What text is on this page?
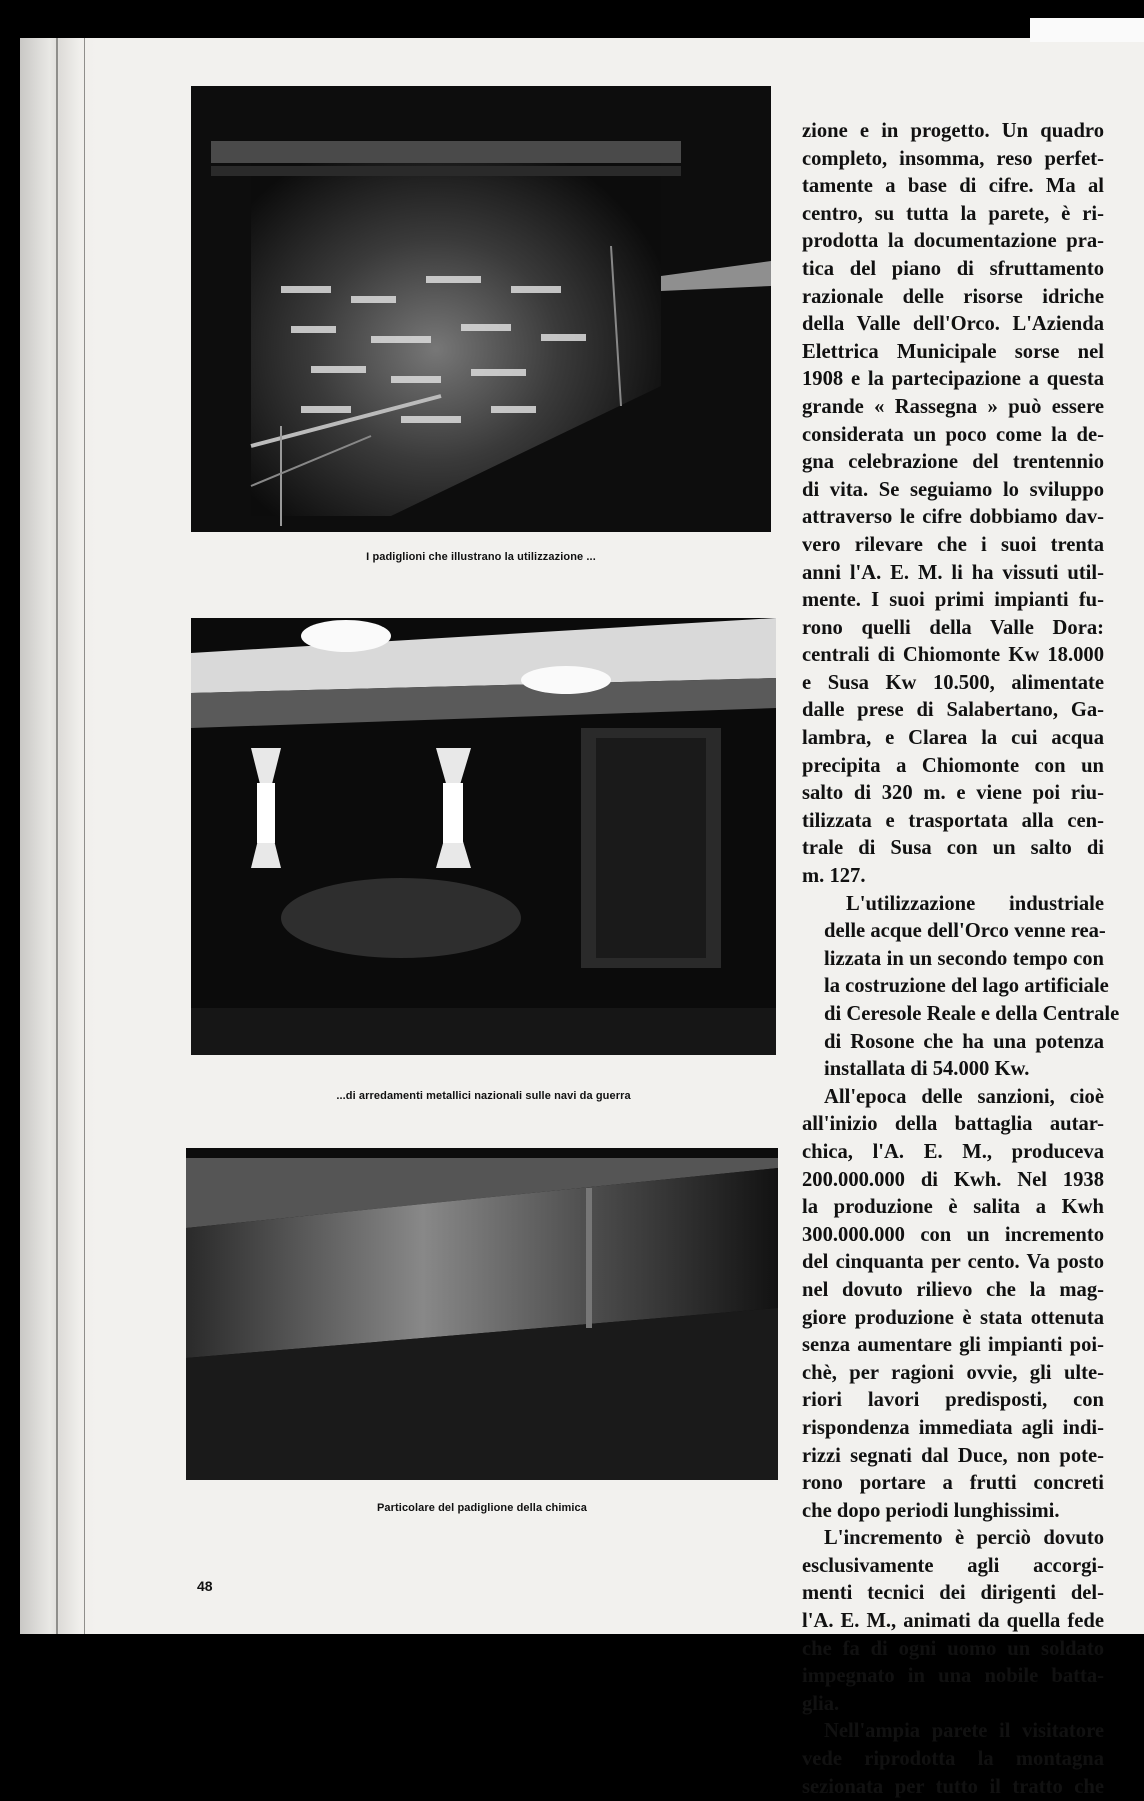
I padiglioni che illustrano la utilizzazione ...
...di arredamenti metallici nazionali sulle navi da guerra
Particolare del padiglione della chimica
48

zione e in progetto. Un quadro
completo, insomma, reso perfet-
tamente a base di cifre. Ma al
centro, su tutta la parete, è ri-
prodotta la documentazione pra-
tica del piano di sfruttamento
razionale delle risorse idriche
della Valle dell'Orco. L'Azienda
Elettrica Municipale sorse nel
1908 e la partecipazione a questa
grande « Rassegna » può essere
considerata un poco come la de-
gna celebrazione del trentennio
di vita. Se seguiamo lo sviluppo
attraverso le cifre dobbiamo dav-
vero rilevare che i suoi trenta
anni l'A. E. M. li ha vissuti util-
mente. I suoi primi impianti fu-
rono quelli della Valle Dora:
centrali di Chiomonte Kw 18.000
e Susa Kw 10.500, alimentate
dalle prese di Salabertano, Ga-
lambra, e Clarea la cui acqua
precipita a Chiomonte con un
salto di 320 m. e viene poi riu-
tilizzata e trasportata alla cen-
trale di Susa con un salto di
m. 127.

L'utilizzazione industriale
delle acque dell'Orco venne rea-
lizzata in un secondo tempo con
la costruzione del lago artificiale
di Ceresole Reale e della Centrale
di Rosone che ha una potenza
installata di 54.000 Kw.

All'epoca delle sanzioni, cioè
all'inizio della battaglia autar-
chica, l'A. E. M., produceva
200.000.000 di Kwh. Nel 1938
la produzione è salita a Kwh
300.000.000 con un incremento
del cinquanta per cento. Va posto
nel dovuto rilievo che la mag-
giore produzione è stata ottenuta
senza aumentare gli impianti poi-
chè, per ragioni ovvie, gli ulte-
riori lavori predisposti, con
rispondenza immediata agli indi-
rizzi segnati dal Duce, non pote-
rono portare a frutti concreti
che dopo periodi lunghissimi.

L'incremento è perciò dovuto
esclusivamente agli accorgi-
menti tecnici dei dirigenti del-
l'A. E. M., animati da quella fede
che fa di ogni uomo un soldato
impegnato in una nobile batta-
glia.

Nell'ampia parete il visitatore
vede riprodotta la montagna
sezionata per tutto il tratto che
